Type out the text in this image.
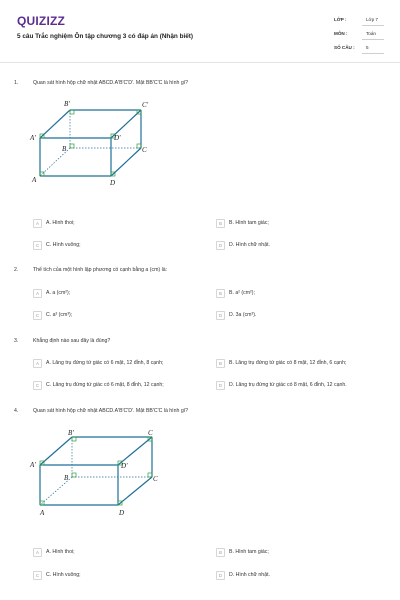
QUIZIZZ
5 câu Trắc nghiệm Ôn tập chương 3 có đáp án (Nhận biết)
LỚP :	Lớp 7
MÔN :	Toán
SỐ CÂU : 5
1.	Quan sát hình hộp chữ nhật ABCD.A'B'C'D'. Mặt BB'C'C là hình gì?
B'	C'
A'	D'
B	C
A	D
A	A. Hình thoi;	B	B. Hình tam giác;
C	C. Hình vuông;	D	D. Hình chữ nhật.
2.	Thể tích của một hình lập phương có cạnh bằng a (cm) là:
A	A. a (cm²);	B	B. a² (cm²);
C	C. a³ (cm³);	D	D. 3a (cm³).
3.	Khẳng định nào sau đây là đúng?
A	A. Lăng trụ đứng tứ giác có 6 mặt, 12 đỉnh, 8 cạnh;	B	B. Lăng trụ đứng tứ giác có 8 mặt, 12 đỉnh, 6 cạnh;
C	C. Lăng trụ đứng tứ giác có 6 mặt, 8 đỉnh, 12 cạnh;	D	D. Lăng trụ đứng tứ giác có 8 mặt, 6 đỉnh, 12 cạnh.
4.	Quan sát hình hộp chữ nhật ABCD.A'B'C'D'. Mặt BB'C'C là hình gì?
B'	C
A'	D'
B	C
A	D
A	A. Hình thoi;	B	B. Hình tam giác;
C	C. Hình vuông;	D	D. Hình chữ nhật.
